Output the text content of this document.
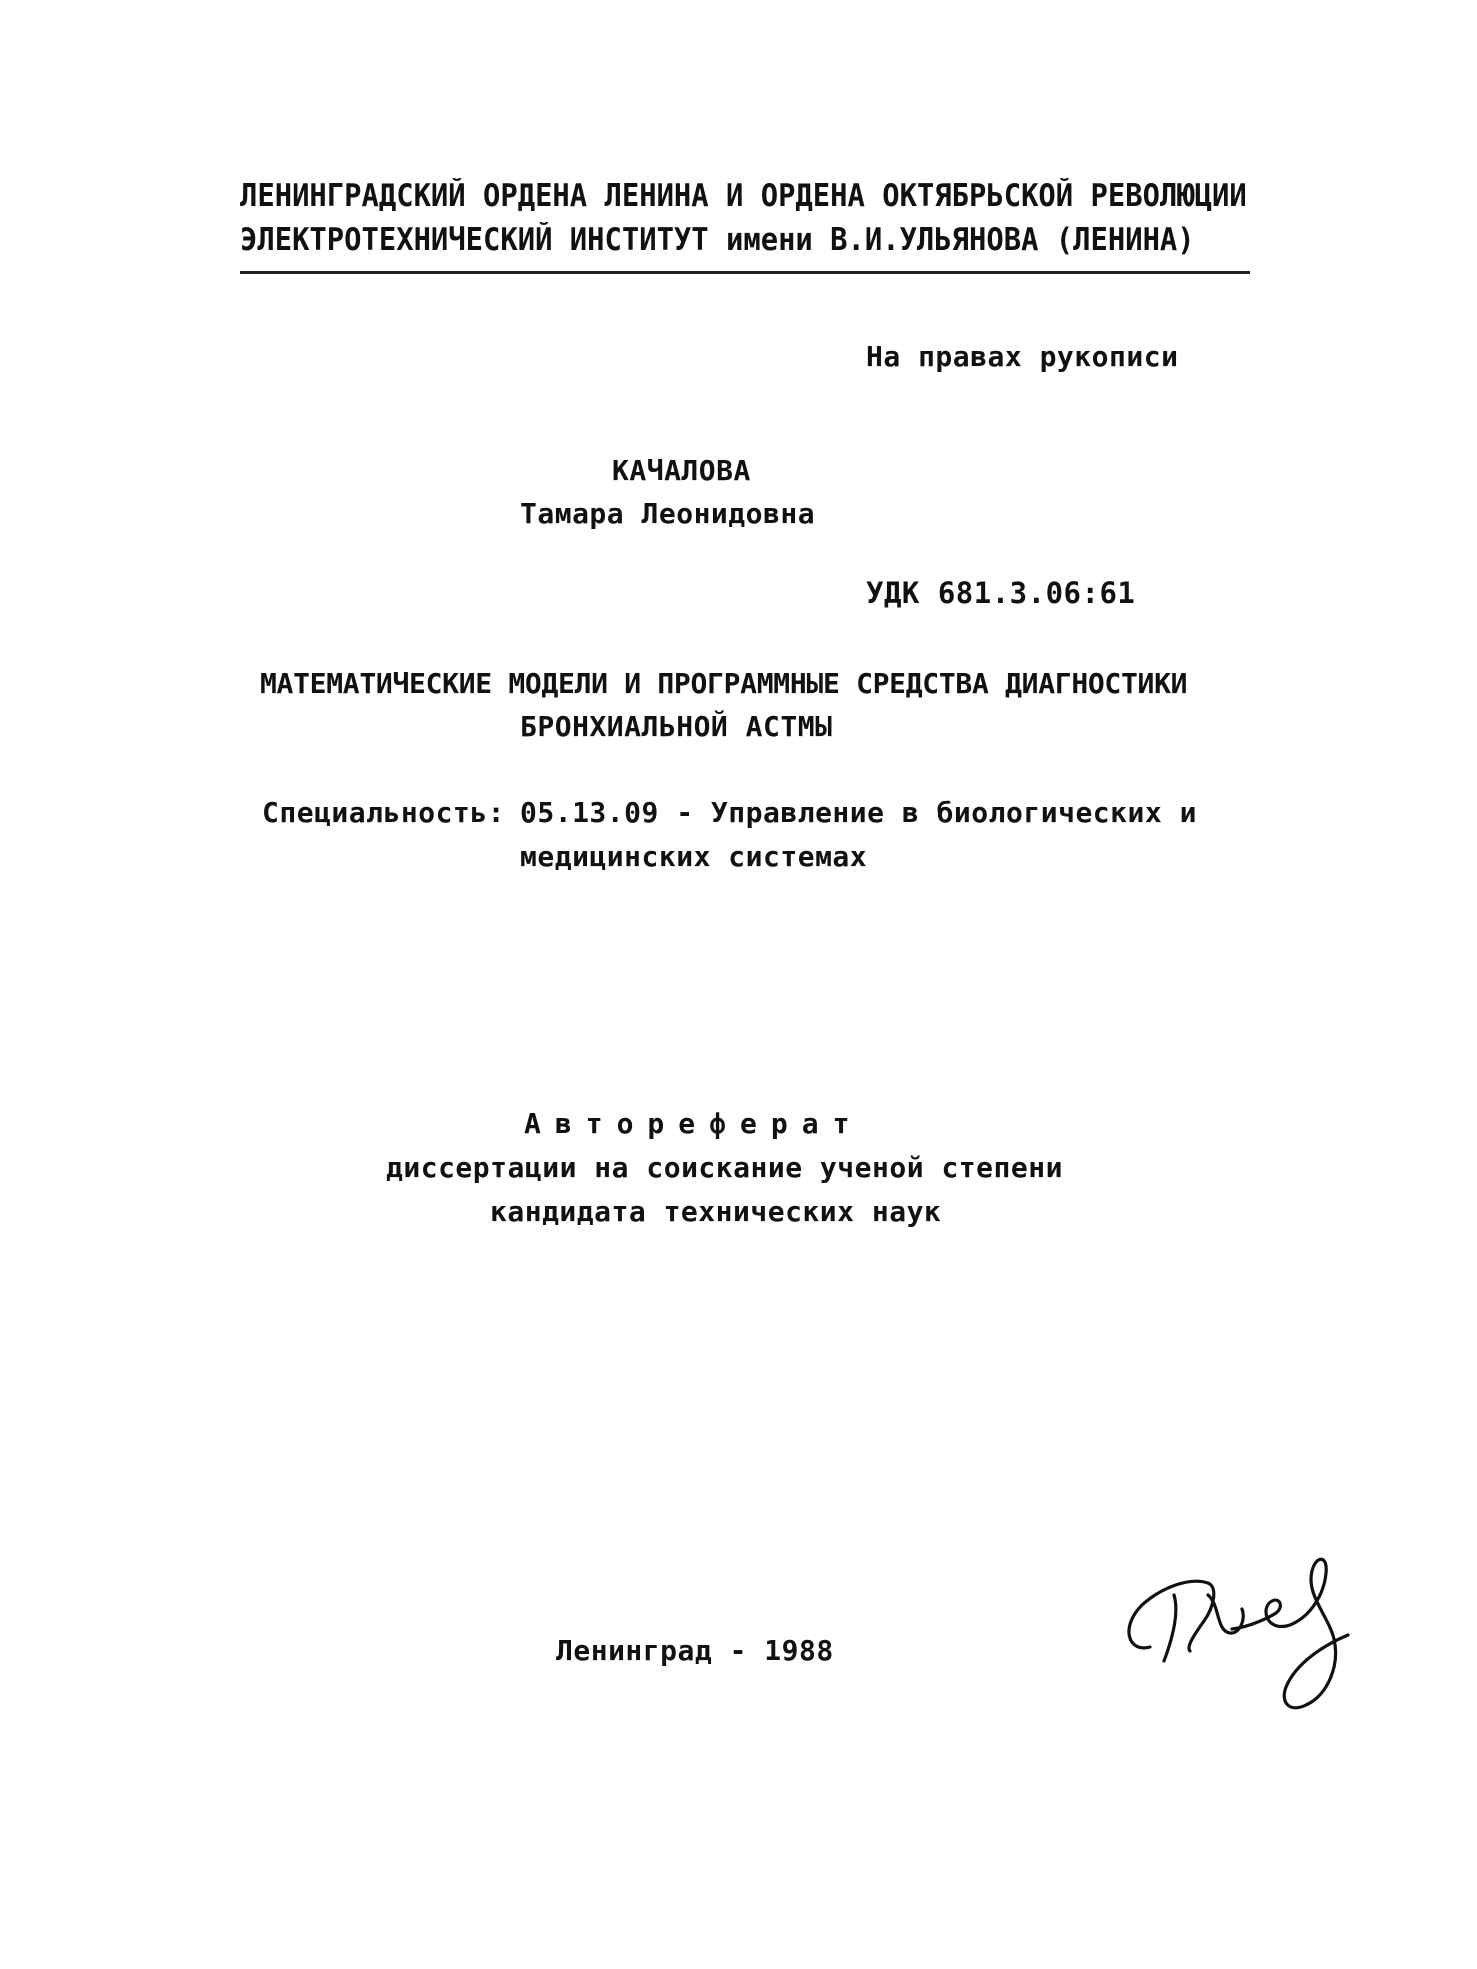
ЛЕНИНГРАДСКИЙ ОРДЕНА ЛЕНИНА И ОРДЕНА ОКТЯБРЬСКОЙ РЕВОЛЮЦИИ
ЭЛЕКТРОТЕХНИЧЕСКИЙ ИНСТИТУТ имени В.И.УЛЬЯНОВА (ЛЕНИНА)
На правах рукописи
КАЧАЛОВА
Тамара Леонидовна
УДК 681.3.06:61
МАТЕМАТИЧЕСКИЕ МОДЕЛИ И ПРОГРАММНЫЕ СРЕДСТВА ДИАГНОСТИКИ
БРОНХИАЛЬНОЙ АСТМЫ
Специальность: 05.13.09 - Управление в биологических и
медицинских системах
Автореферат
диссертации на соискание ученой степени
кандидата технических наук
Ленинград - 1988
